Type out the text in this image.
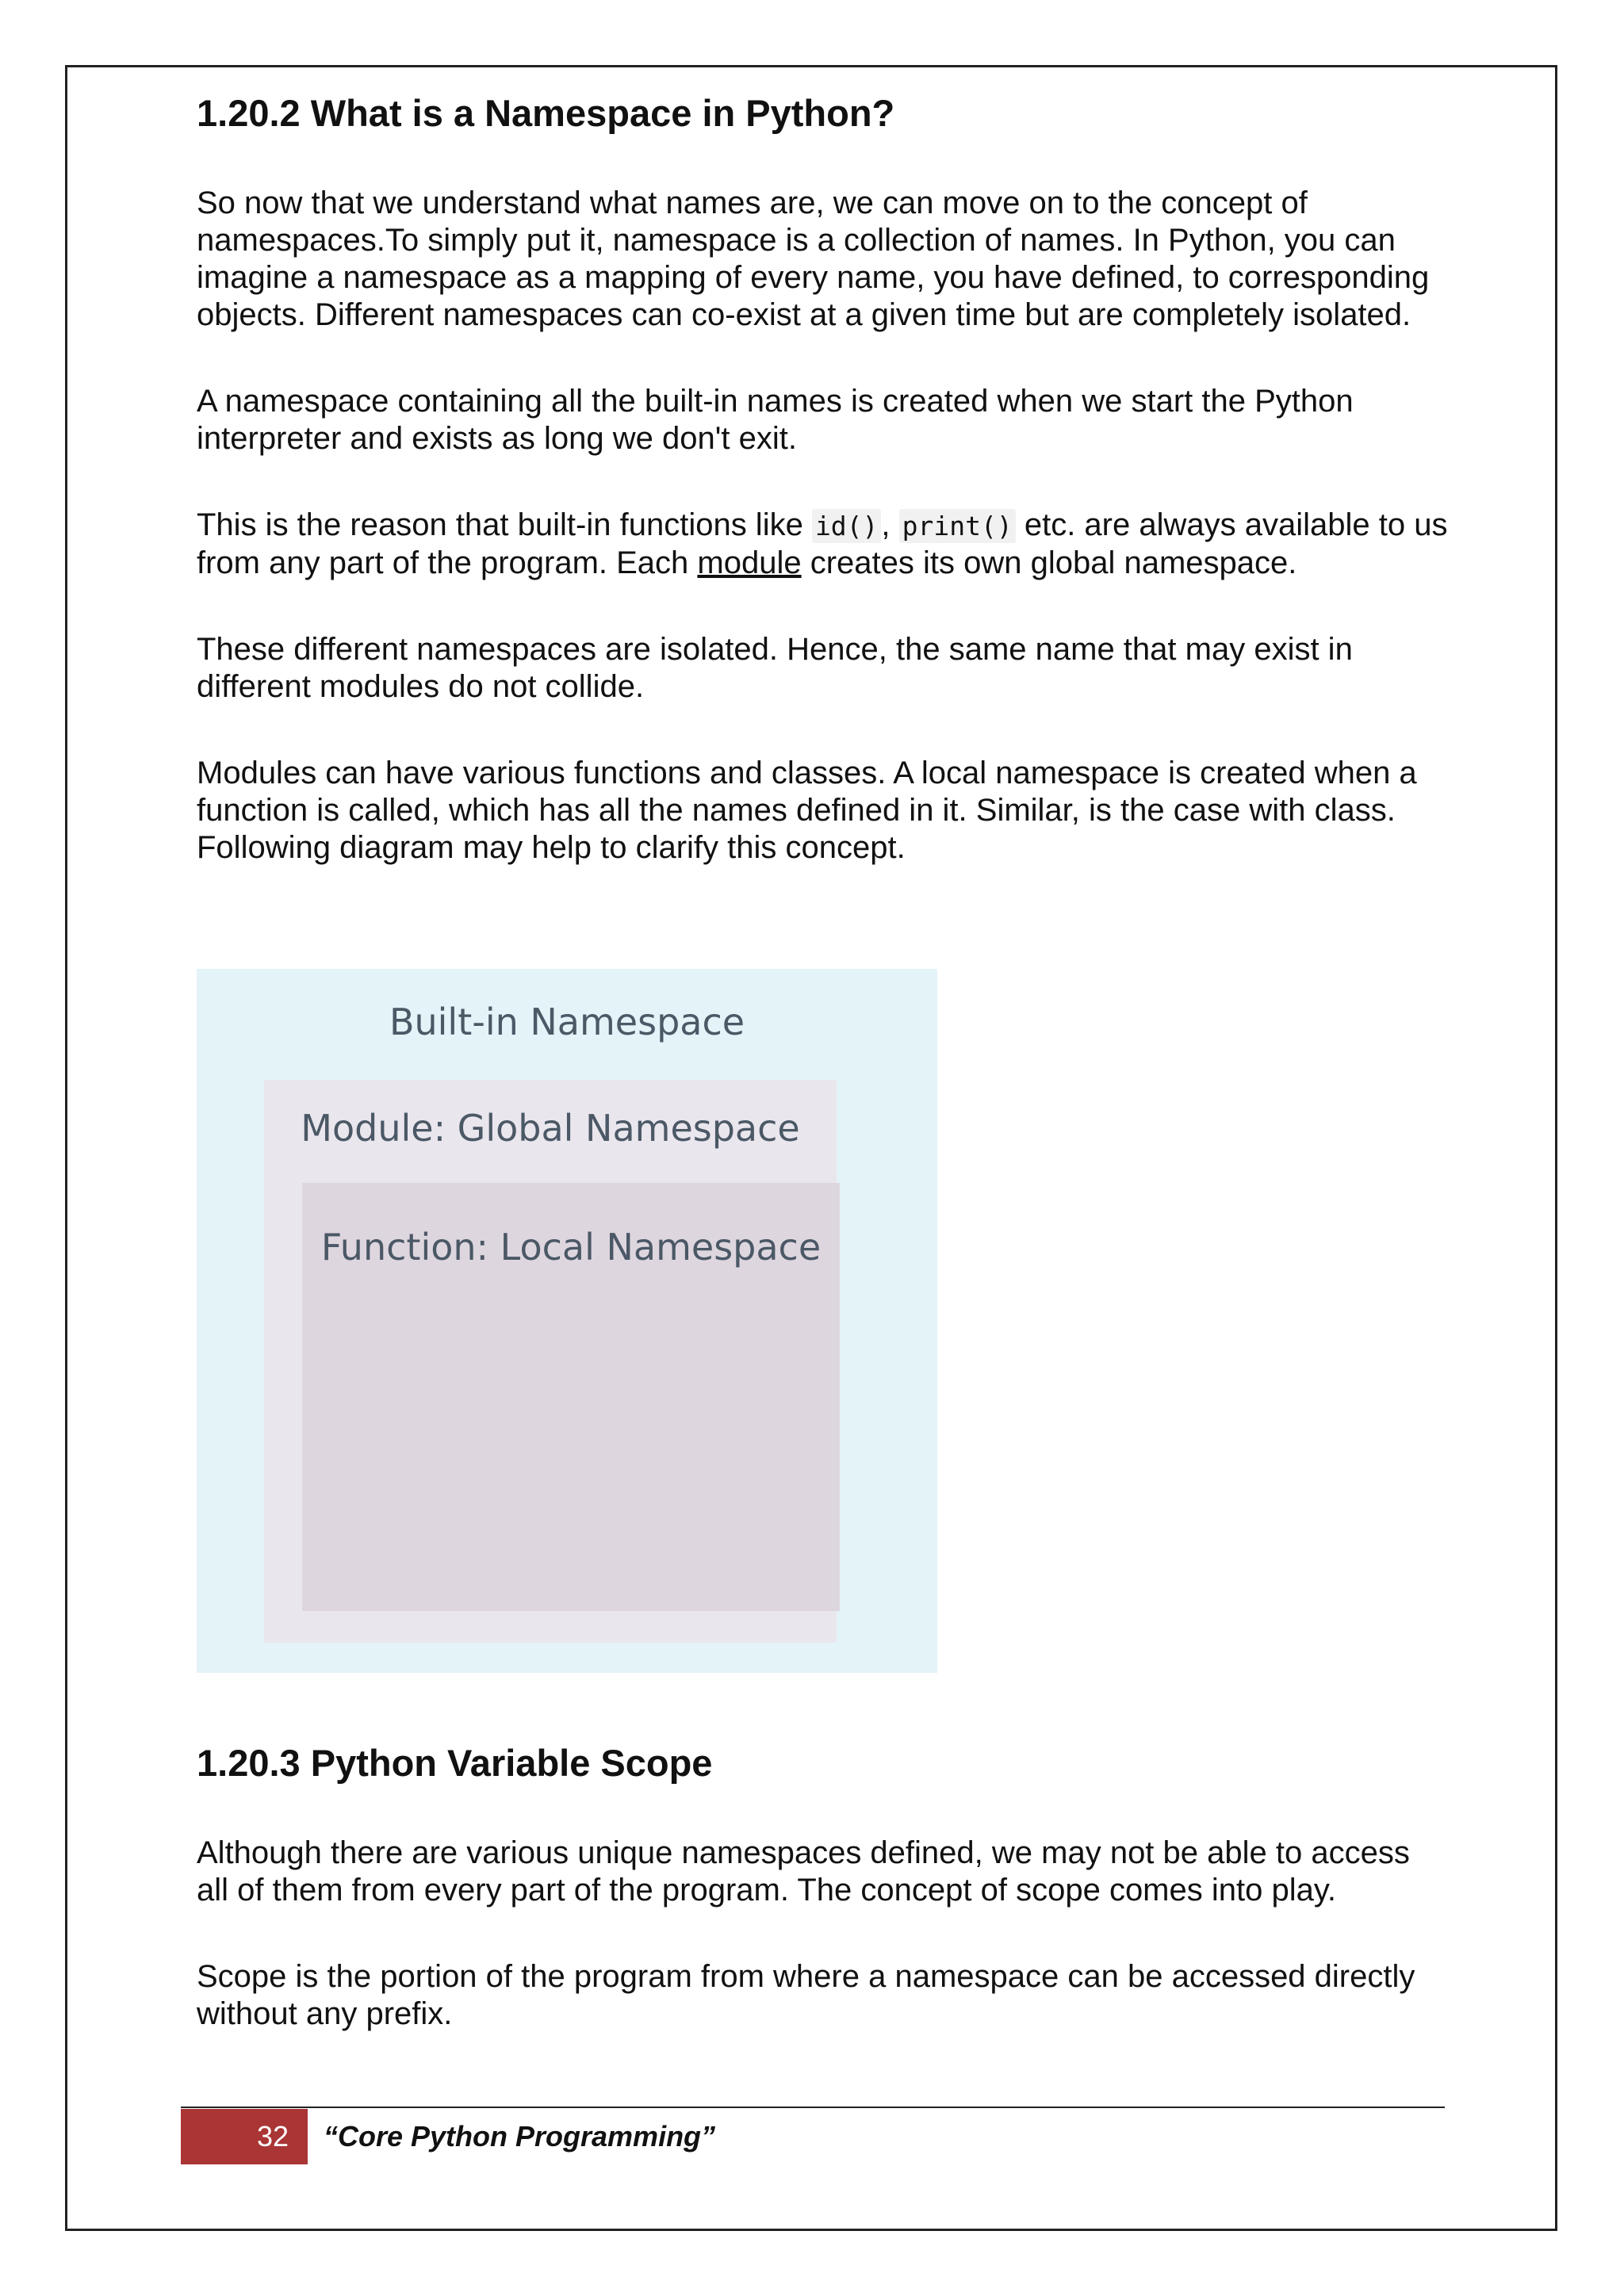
1.20.2 What is a Namespace in Python?

So now that we understand what names are, we can move on to the concept of namespaces.To simply put it, namespace is a collection of names. In Python, you can imagine a namespace as a mapping of every name, you have defined, to corresponding objects. Different namespaces can co-exist at a given time but are completely isolated.

A namespace containing all the built-in names is created when we start the Python interpreter and exists as long we don't exit.

This is the reason that built-in functions like id() , print() etc. are always available to us from any part of the program. Each module creates its own global namespace.

These different namespaces are isolated. Hence, the same name that may exist in different modules do not collide.

Modules can have various functions and classes. A local namespace is created when a function is called, which has all the names defined in it. Similar, is the case with class. Following diagram may help to clarify this concept.

Built-in Namespace
Module: Global Namespace
Function: Local Namespace
1.20.3 Python Variable Scope

Although there are various unique namespaces defined, we may not be able to access all of them from every part of the program. The concept of scope comes into play.

Scope is the portion of the program from where a namespace can be accessed directly without any prefix.

32	“Core Python Programming”
